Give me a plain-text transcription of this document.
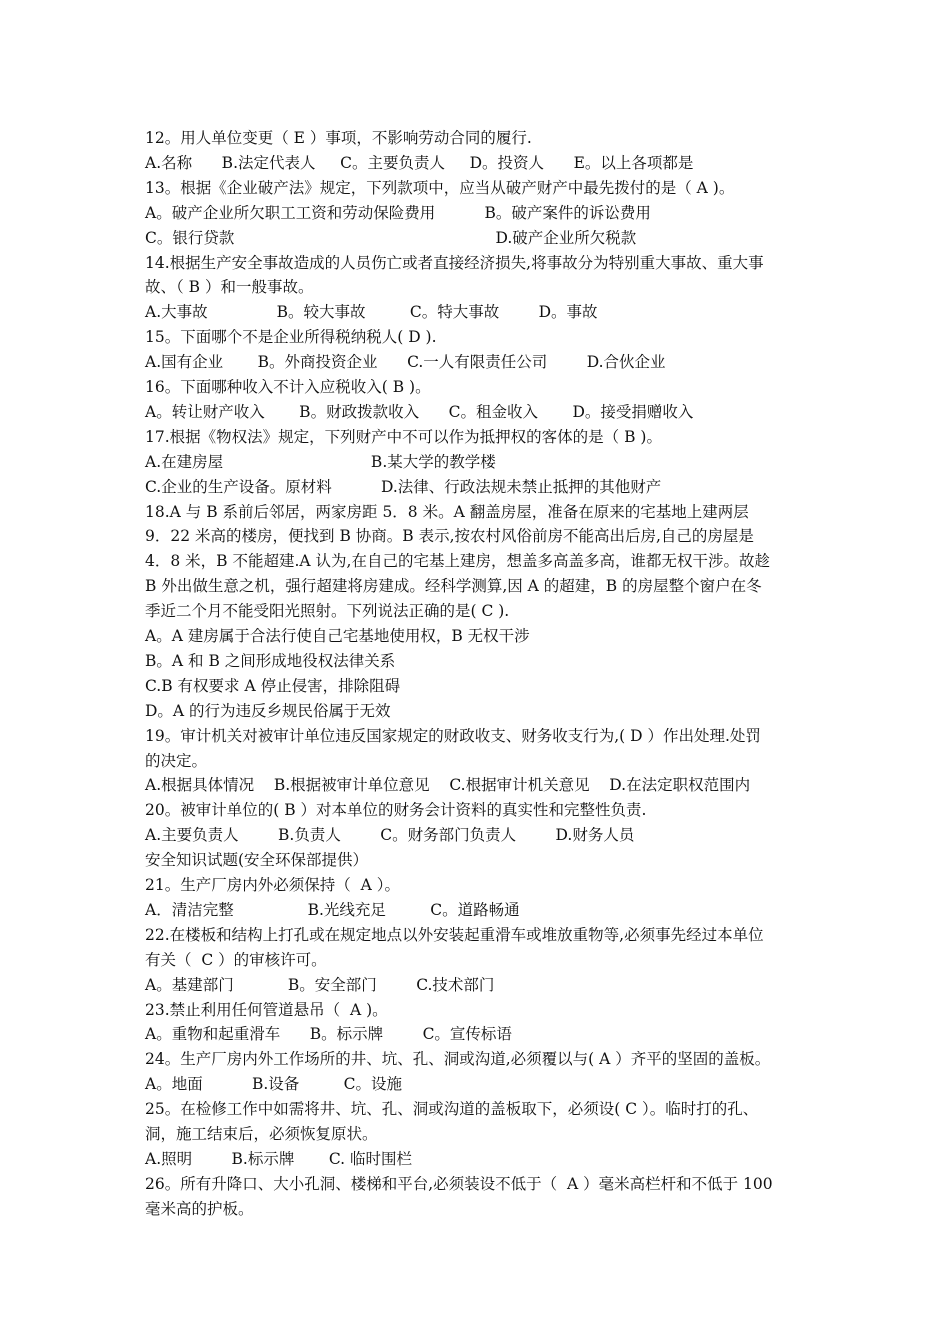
12。用人单位变更（ E ）事项，不影响劳动合同的履行.
A.名称      B.法定代表人     C。主要负责人     D。投资人      E。以上各项都是
13。根据《企业破产法》规定，下列款项中，应当从破产财产中最先拨付的是（ A )。
A。破产企业所欠职工工资和劳动保险费用          B。破产案件的诉讼费用
C。银行贷款                                                     D.破产企业所欠税款
14.根据生产安全事故造成的人员伤亡或者直接经济损失,将事故分为特别重大事故、重大事
故、（ B ）和一般事故。
A.大事故              B。较大事故         C。特大事故        D。事故
15。下面哪个不是企业所得税纳税人( D ).
A.国有企业       B。外商投资企业      C.一人有限责任公司        D.合伙企业
16。下面哪种收入不计入应税收入( B )。
A。转让财产收入       B。财政拨款收入      C。租金收入       D。接受捐赠收入
17.根据《物权法》规定，下列财产中不可以作为抵押权的客体的是（ B )。
A.在建房屋                              B.某大学的教学楼
C.企业的生产设备。原材料          D.法律、行政法规未禁止抵押的其他财产
18.A 与 B 系前后邻居，两家房距 5．8 米。A 翻盖房屋，准备在原来的宅基地上建两层
9．22 米高的楼房，便找到 B 协商。B 表示,按农村风俗前房不能高出后房,自己的房屋是
4．8 米，B 不能超建.A 认为,在自己的宅基上建房，想盖多高盖多高，谁都无权干涉。故趁
B 外出做生意之机，强行超建将房建成。经科学测算,因 A 的超建，B 的房屋整个窗户在冬
季近二个月不能受阳光照射。下列说法正确的是( C ).
A。A 建房属于合法行使自己宅基地使用权，B 无权干涉
B。A 和 B 之间形成地役权法律关系
C.B 有权要求 A 停止侵害，排除阻碍
D。A 的行为违反乡规民俗属于无效
19。审计机关对被审计单位违反国家规定的财政收支、财务收支行为,( D ）作出处理.处罚
的决定。
A.根据具体情况    B.根据被审计单位意见    C.根据审计机关意见    D.在法定职权范围内
20。被审计单位的( B ）对本单位的财务会计资料的真实性和完整性负责.
A.主要负责人        B.负责人        C。财务部门负责人        D.财务人员
安全知识试题(安全环保部提供）
21。生产厂房内外必须保持（  A ）。
A．清洁完整               B.光线充足         C。道路畅通
22.在楼板和结构上打孔或在规定地点以外安装起重滑车或堆放重物等,必须事先经过本单位
有关（  C ）的审核许可。
A。基建部门           B。安全部门        C.技术部门
23.禁止利用任何管道悬吊（  A )。
A。重物和起重滑车      B。标示牌        C。宣传标语
24。生产厂房内外工作场所的井、坑、孔、洞或沟道,必须覆以与( A ）齐平的坚固的盖板。
A。地面          B.设备         C。设施
25。在检修工作中如需将井、坑、孔、洞或沟道的盖板取下，必须设( C ）。临时打的孔、
洞，施工结束后，必须恢复原状。
A.照明        B.标示牌       C. 临时围栏
26。所有升降口、大小孔洞、楼梯和平台,必须装设不低于（  A ）毫米高栏杆和不低于 100
毫米高的护板。
